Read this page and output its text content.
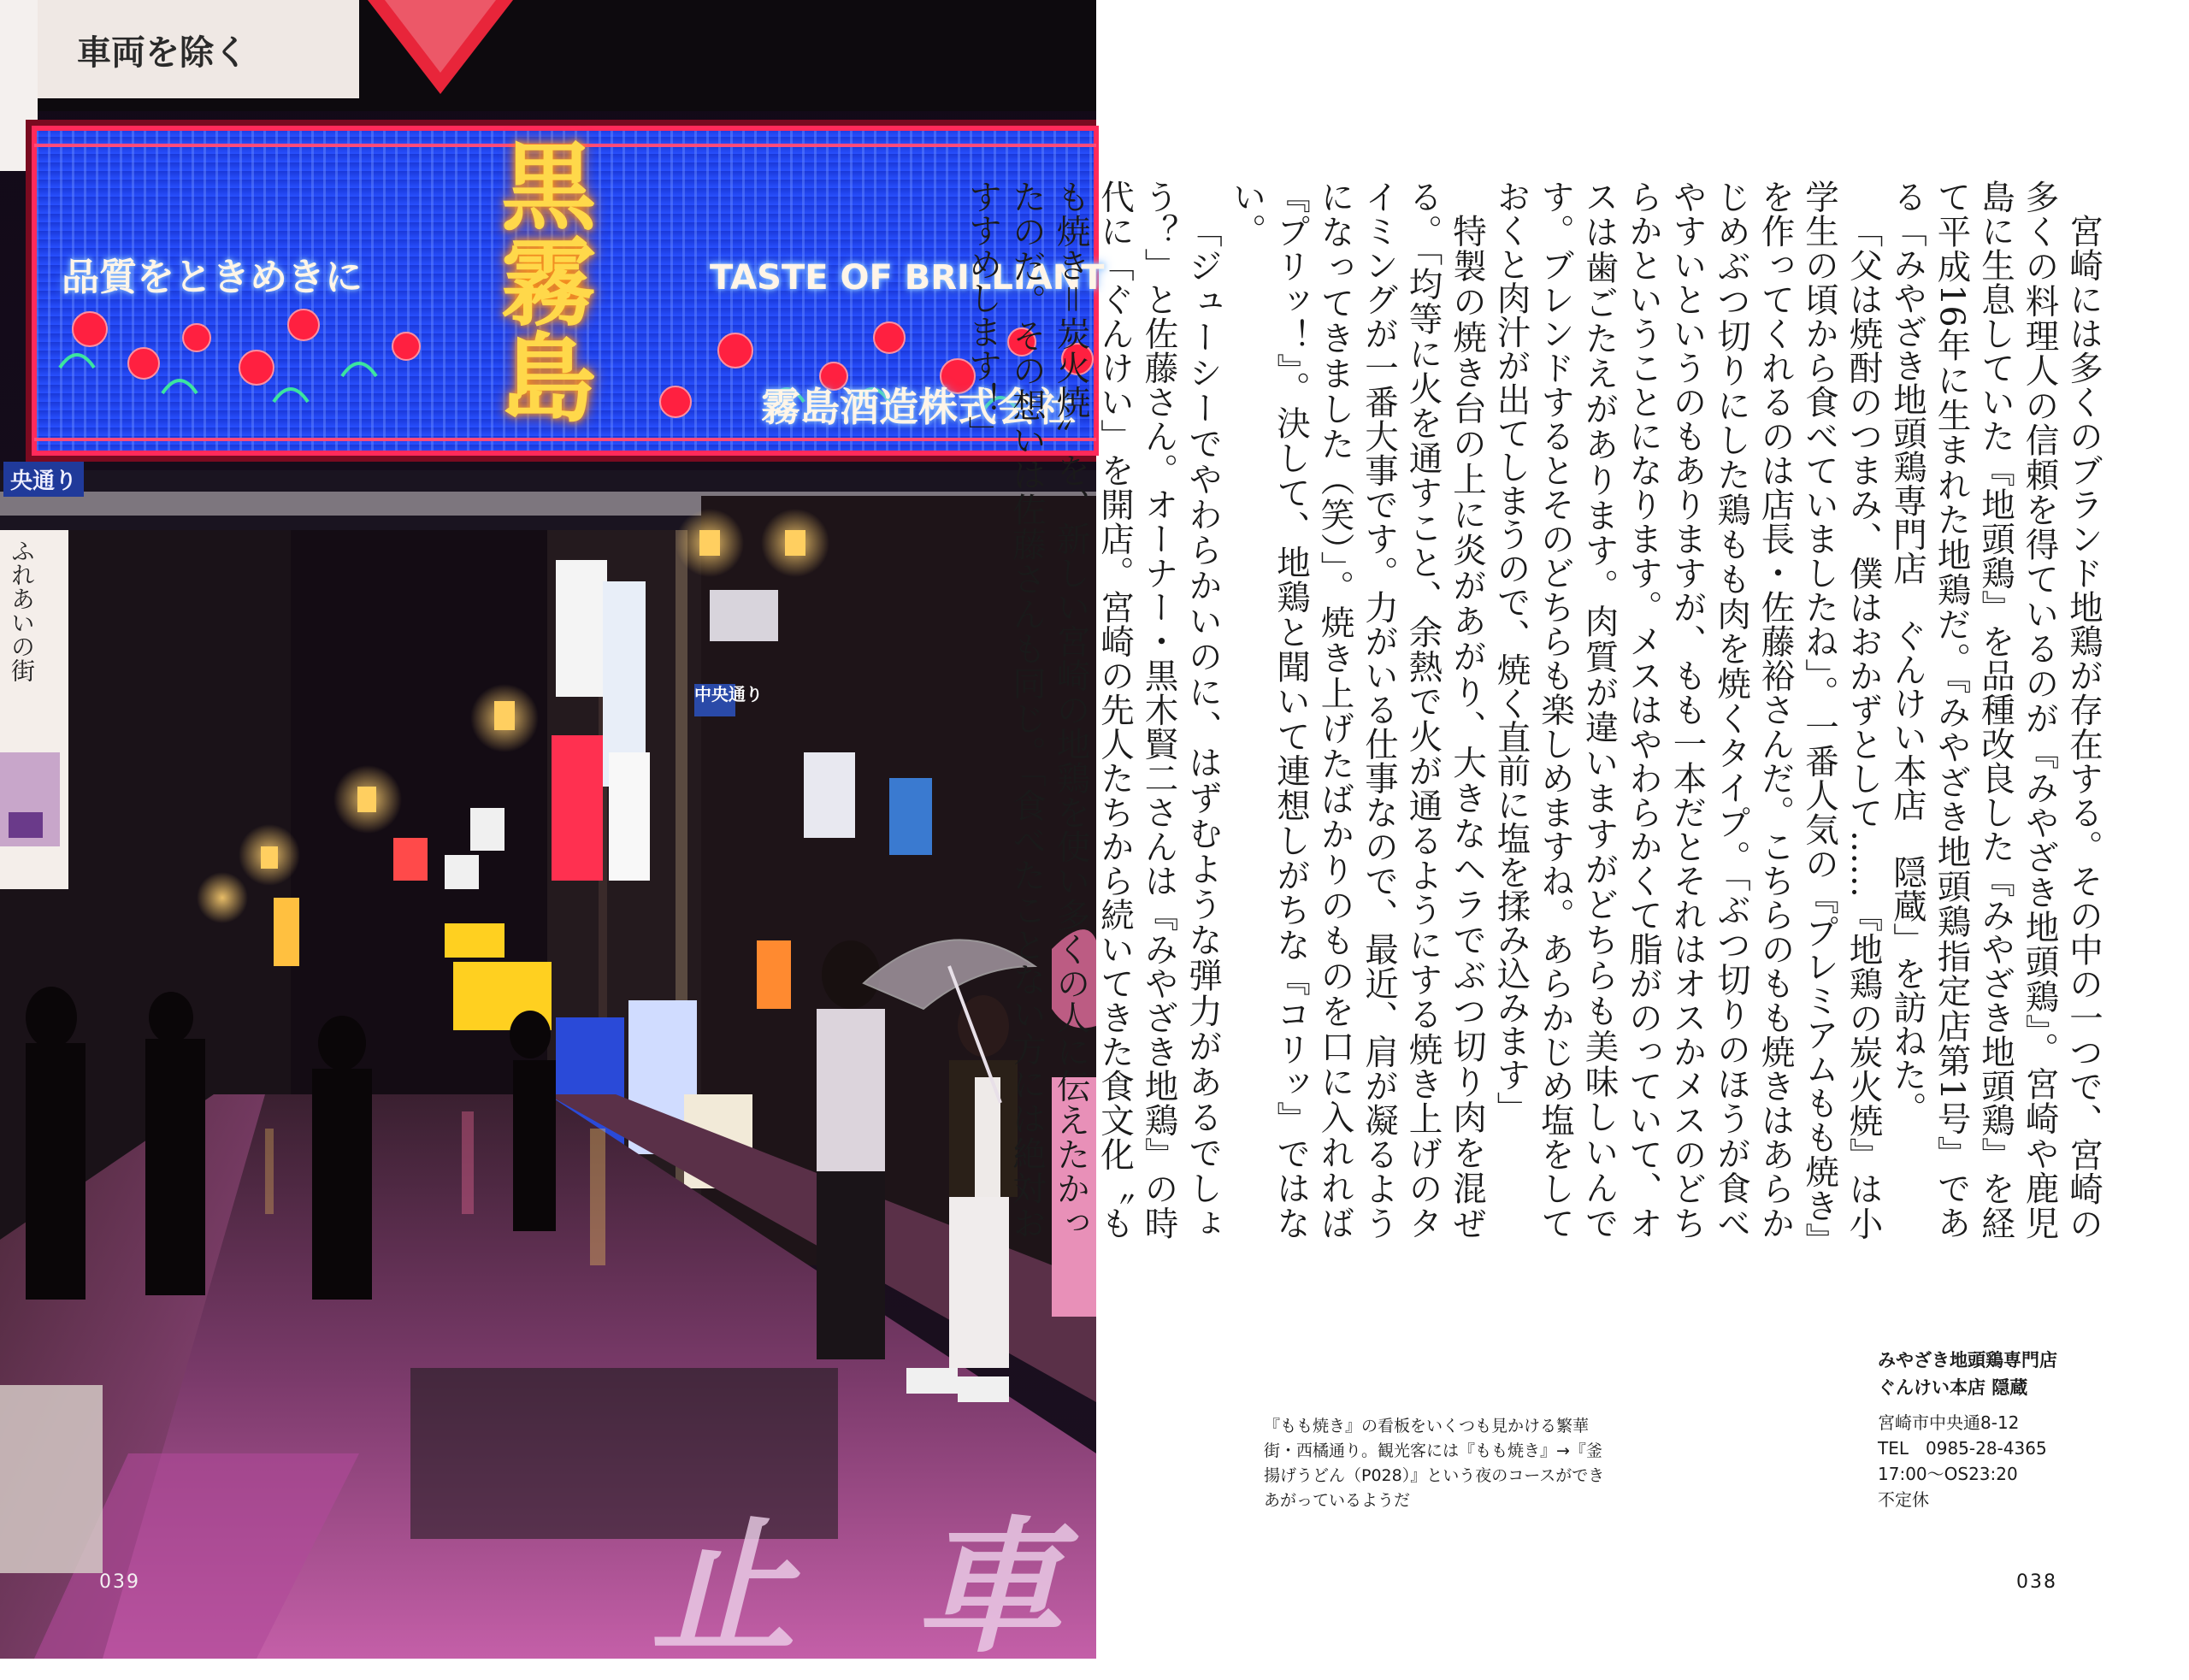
車両を除く
品質をときめきに	TASTE OF BRILLIANT
黒霧島	霧島酒造株式会社
央通り
中央通り
ふれあいの街
止 車
039

宮崎には多くのブランド地鶏が存在する。その中の一つで、宮崎の多くの料理人の信頼を得ているのが『みやざき地頭鶏』。宮崎や鹿児島に生息していた『地頭鶏』を品種改良した『みやざき地頭鶏』を経て平成16年に生まれた地鶏だ。『みやざき地頭鶏指定店第1号』である「みやざき地頭鶏専門店　ぐんけい本店　隠蔵」を訪ねた。

「父は焼酎のつまみ、僕はおかずとして……『地鶏の炭火焼』は小学生の頃から食べていましたね」。一番人気の『プレミアムもも焼き』を作ってくれるのは店長・佐藤裕さんだ。こちらのもも焼きはあらかじめぶつ切りにした鶏もも肉を焼くタイプ。「ぶつ切りのほうが食べやすいというのもありますが、もも一本だとそれはオスかメスのどちらかということになります。メスはやわらかくて脂がのっていて、オスは歯ごたえがあります。肉質が違いますがどちらも美味しいんです。ブレンドするとそのどちらも楽しめますね。あらかじめ塩をしておくと肉汁が出てしまうので、焼く直前に塩を揉み込みます」

特製の焼き台の上に炎があがり、大きなヘラでぶつ切り肉を混ぜる。「均等に火を通すこと、余熱で火が通るようにする焼き上げのタイミングが一番大事です。力がいる仕事なので、最近、肩が凝るようになってきました（笑）」。焼き上げたばかりのものを口に入れれば『プリッ！』。決して、地鶏と聞いて連想しがちな『コリッ』ではない。

「ジューシーでやわらかいのに、はずむような弾力があるでしょう？」と佐藤さん。オーナー・黒木賢二さんは『みやざき地鶏』の時代に「ぐんけい」を開店。宮崎の先人たちから続いてきた食文化〝もも焼き＝炭火焼〟を、新しい宮崎の地鶏を使い多くの人に伝えたかったのだ。その想いは佐藤さんも同じ。「食べたことない方には絶対おすすめします！」

『もも焼き』の看板をいくつも見かける繁華街・西橘通り。観光客には『もも焼き』→『釜揚げうどん（P028）』という夜のコースができあがっているようだ
みやざき地頭鶏専門店
ぐんけい本店 隠蔵
宮崎市中央通8-12
TEL　0985-28-4365
17:00〜OS23:20
不定休
038
